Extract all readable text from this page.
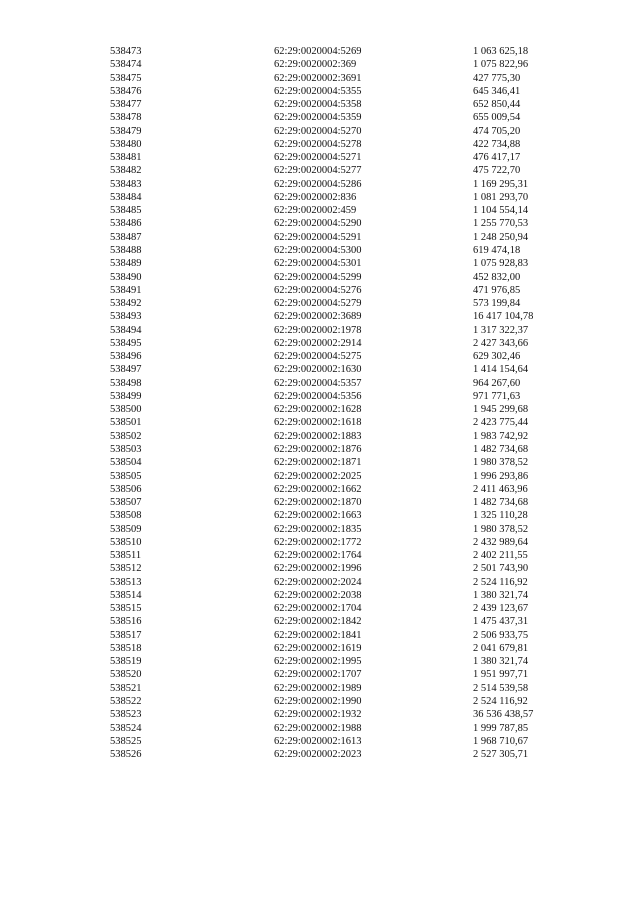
538473	62:29:0020004:5269	1 063 625,18
538474	62:29:0020002:369	1 075 822,96
538475	62:29:0020002:3691	427 775,30
538476	62:29:0020004:5355	645 346,41
538477	62:29:0020004:5358	652 850,44
538478	62:29:0020004:5359	655 009,54
538479	62:29:0020004:5270	474 705,20
538480	62:29:0020004:5278	422 734,88
538481	62:29:0020004:5271	476 417,17
538482	62:29:0020004:5277	475 722,70
538483	62:29:0020004:5286	1 169 295,31
538484	62:29:0020002:836	1 081 293,70
538485	62:29:0020002:459	1 104 554,14
538486	62:29:0020004:5290	1 255 770,53
538487	62:29:0020004:5291	1 248 250,94
538488	62:29:0020004:5300	619 474,18
538489	62:29:0020004:5301	1 075 928,83
538490	62:29:0020004:5299	452 832,00
538491	62:29:0020004:5276	471 976,85
538492	62:29:0020004:5279	573 199,84
538493	62:29:0020002:3689	16 417 104,78
538494	62:29:0020002:1978	1 317 322,37
538495	62:29:0020002:2914	2 427 343,66
538496	62:29:0020004:5275	629 302,46
538497	62:29:0020002:1630	1 414 154,64
538498	62:29:0020004:5357	964 267,60
538499	62:29:0020004:5356	971 771,63
538500	62:29:0020002:1628	1 945 299,68
538501	62:29:0020002:1618	2 423 775,44
538502	62:29:0020002:1883	1 983 742,92
538503	62:29:0020002:1876	1 482 734,68
538504	62:29:0020002:1871	1 980 378,52
538505	62:29:0020002:2025	1 996 293,86
538506	62:29:0020002:1662	2 411 463,96
538507	62:29:0020002:1870	1 482 734,68
538508	62:29:0020002:1663	1 325 110,28
538509	62:29:0020002:1835	1 980 378,52
538510	62:29:0020002:1772	2 432 989,64
538511	62:29:0020002:1764	2 402 211,55
538512	62:29:0020002:1996	2 501 743,90
538513	62:29:0020002:2024	2 524 116,92
538514	62:29:0020002:2038	1 380 321,74
538515	62:29:0020002:1704	2 439 123,67
538516	62:29:0020002:1842	1 475 437,31
538517	62:29:0020002:1841	2 506 933,75
538518	62:29:0020002:1619	2 041 679,81
538519	62:29:0020002:1995	1 380 321,74
538520	62:29:0020002:1707	1 951 997,71
538521	62:29:0020002:1989	2 514 539,58
538522	62:29:0020002:1990	2 524 116,92
538523	62:29:0020002:1932	36 536 438,57
538524	62:29:0020002:1988	1 999 787,85
538525	62:29:0020002:1613	1 968 710,67
538526	62:29:0020002:2023	2 527 305,71
